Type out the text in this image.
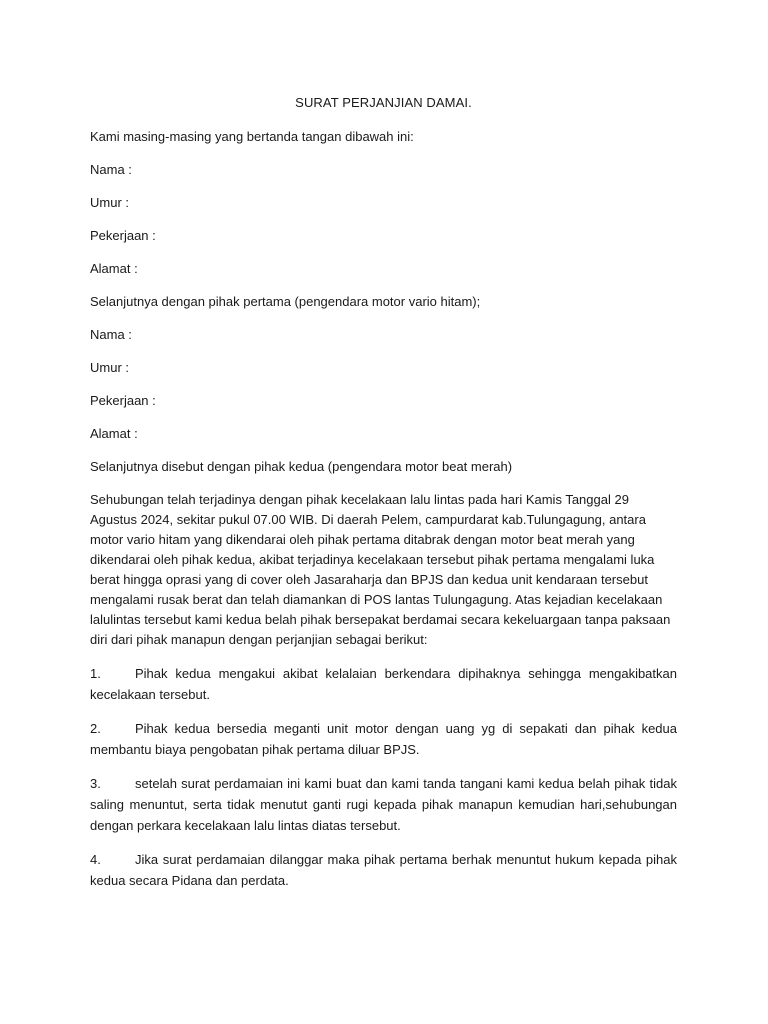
SURAT PERJANJIAN DAMAI.
Kami masing-masing yang bertanda tangan dibawah ini:
Nama :
Umur :
Pekerjaan :
Alamat :
Selanjutnya dengan pihak pertama (pengendara motor vario hitam);
Nama :
Umur :
Pekerjaan :
Alamat :
Selanjutnya disebut dengan pihak kedua (pengendara motor beat merah)
Sehubungan telah terjadinya dengan pihak kecelakaan lalu lintas pada hari Kamis Tanggal 29 Agustus 2024, sekitar pukul 07.00 WIB. Di daerah Pelem, campurdarat kab.Tulungagung, antara motor vario hitam yang dikendarai oleh pihak pertama ditabrak dengan motor beat merah yang dikendarai oleh pihak kedua, akibat terjadinya kecelakaan tersebut pihak pertama mengalami luka berat hingga oprasi yang di cover oleh Jasaraharja dan BPJS dan kedua unit kendaraan tersebut mengalami rusak berat dan telah diamankan di POS lantas Tulungagung. Atas kejadian kecelakaan lalulintas tersebut kami kedua belah pihak bersepakat berdamai secara kekeluargaan tanpa paksaan diri dari pihak manapun dengan perjanjian sebagai berikut:
1.	Pihak kedua mengakui akibat kelalaian berkendara dipihaknya sehingga mengakibatkan kecelakaan tersebut.
2.	Pihak kedua bersedia meganti unit motor dengan uang yg di sepakati dan pihak kedua membantu biaya pengobatan pihak pertama diluar BPJS.
3.	setelah surat perdamaian ini kami buat dan kami tanda tangani kami kedua belah pihak tidak saling menuntut, serta tidak menutut ganti rugi kepada pihak manapun kemudian hari,sehubungan dengan perkara kecelakaan lalu lintas diatas tersebut.
4.	Jika surat perdamaian dilanggar maka pihak pertama berhak menuntut hukum kepada pihak kedua secara Pidana dan perdata.
